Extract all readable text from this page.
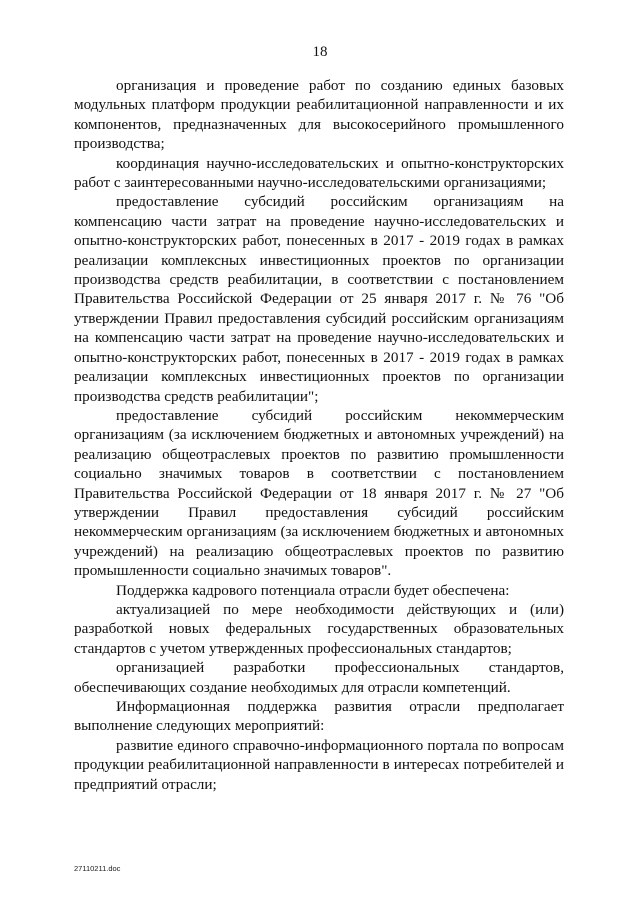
18

организация и проведение работ по созданию единых базовых модульных платформ продукции реабилитационной направленности и их компонентов, предназначенных для высокосерийного промышленного производства;

координация научно-исследовательских и опытно-конструкторских работ с заинтересованными научно-исследовательскими организациями;

предоставление субсидий российским организациям на компенсацию части затрат на проведение научно-исследовательских и опытно-конструкторских работ, понесенных в 2017 - 2019 годах в рамках реализации комплексных инвестиционных проектов по организации производства средств реабилитации, в соответствии с постановлением Правительства Российской Федерации от 25 января 2017 г. № 76 "Об утверждении Правил предоставления субсидий российским организациям на компенсацию части затрат на проведение научно-исследовательских и опытно-конструкторских работ, понесенных в 2017 - 2019 годах в рамках реализации комплексных инвестиционных проектов по организации производства средств реабилитации";

предоставление субсидий российским некоммерческим организациям (за исключением бюджетных и автономных учреждений) на реализацию общеотраслевых проектов по развитию промышленности социально значимых товаров в соответствии с постановлением Правительства Российской Федерации от 18 января 2017 г. № 27 "Об утверждении Правил предоставления субсидий российским некоммерческим организациям (за исключением бюджетных и автономных учреждений) на реализацию общеотраслевых проектов по развитию промышленности социально значимых товаров".

Поддержка кадрового потенциала отрасли будет обеспечена:

актуализацией по мере необходимости действующих и (или) разработкой новых федеральных государственных образовательных стандартов с учетом утвержденных профессиональных стандартов;

организацией разработки профессиональных стандартов, обеспечивающих создание необходимых для отрасли компетенций.

Информационная поддержка развития отрасли предполагает выполнение следующих мероприятий:

развитие единого справочно-информационного портала по вопросам продукции реабилитационной направленности в интересах потребителей и предприятий отрасли;

27110211.doc
